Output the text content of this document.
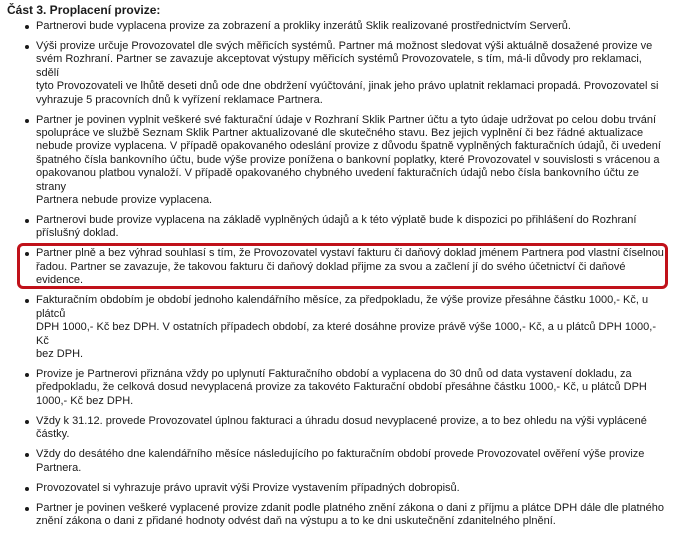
Část 3. Proplacení provize:
Partnerovi bude vyplacena provize za zobrazení a prokliky inzerátů Sklik realizované prostřednictvím Serverů.
Výši provize určuje Provozovatel dle svých měřicích systémů. Partner má možnost sledovat výši aktuálně dosažené provize ve
svém Rozhraní. Partner se zavazuje akceptovat výstupy měřicích systémů Provozovatele, s tím, má-li důvody pro reklamaci, sdělí
tyto Provozovateli ve lhůtě deseti dnů ode dne obdržení vyúčtování, jinak jeho právo uplatnit reklamaci propadá. Provozovatel si
vyhrazuje 5 pracovních dnů k vyřízení reklamace Partnera.
Partner je povinen vyplnit veškeré své fakturační údaje v Rozhraní Sklik Partner účtu a tyto údaje udržovat po celou dobu trvání
spolupráce ve službě Seznam Sklik Partner aktualizované dle skutečného stavu. Bez jejich vyplnění či bez řádné aktualizace
nebude provize vyplacena. V případě opakovaného odeslání provize z důvodu špatně vyplněných fakturačních údajů, či uvedení
špatného čísla bankovního účtu, bude výše provize ponížena o bankovní poplatky, které Provozovatel v souvislosti s vrácenou a
opakovanou platbou vynaloží. V případě opakovaného chybného uvedení fakturačních údajů nebo čísla bankovního účtu ze strany
Partnera nebude provize vyplacena.
Partnerovi bude provize vyplacena na základě vyplněných údajů a k této výplatě bude k dispozici po přihlášení do Rozhraní
příslušný doklad.
Partner plně a bez výhrad souhlasí s tím, že Provozovatel vystaví fakturu či daňový doklad jménem Partnera pod vlastní číselnou
řadou. Partner se zavazuje, že takovou fakturu či daňový doklad přijme za svou a začlení jí do svého účetnictví či daňové evidence.
Fakturačním obdobím je období jednoho kalendářního měsíce, za předpokladu, že výše provize přesáhne částku 1000,- Kč, u plátců
DPH 1000,- Kč bez DPH. V ostatních případech období, za které dosáhne provize právě výše 1000,- Kč, a u plátců DPH 1000,- Kč
bez DPH.
Provize je Partnerovi přiznána vždy po uplynutí Fakturačního období a vyplacena do 30 dnů od data vystavení dokladu, za
předpokladu, že celková dosud nevyplacená provize za takovéto Fakturační období přesáhne částku 1000,- Kč, u plátců DPH
1000,- Kč bez DPH.
Vždy k 31.12. provede Provozovatel úplnou fakturaci a úhradu dosud nevyplacené provize, a to bez ohledu na výši vyplácené
částky.
Vždy do desátého dne kalendářního měsíce následujícího po fakturačním období provede Provozovatel ověření výše provize
Partnera.
Provozovatel si vyhrazuje právo upravit výši Provize vystavením případných dobropisů.
Partner je povinen veškeré vyplacené provize zdanit podle platného znění zákona o dani z příjmu a plátce DPH dále dle platného
znění zákona o dani z přidané hodnoty odvést daň na výstupu a to ke dni uskutečnění zdanitelného plnění.
